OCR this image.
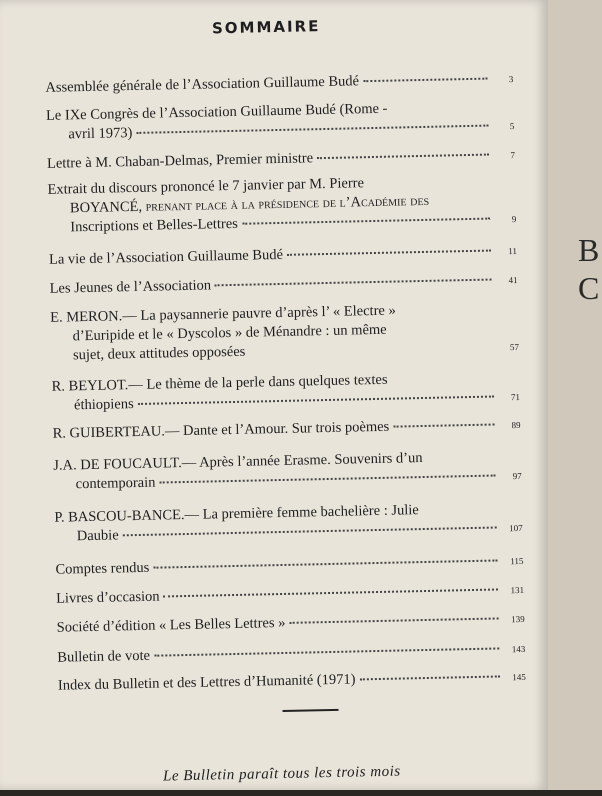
SOMMAIRE
Assemblée générale de l’Association Guillaume Budé	3
Le IXe Congrès de l’Association Guillaume Budé (Rome -
avril 1973)	5
Lettre à M. Chaban-Delmas, Premier ministre	7
Extrait du discours prononcé le 7 janvier par M. Pierre
BOYANCÉ, prenant place à la présidence de l’Académie des
Inscriptions et Belles-Lettres	9
La vie de l’Association Guillaume Budé	11
Les Jeunes de l’Association	41
E. MERON. — La paysannerie pauvre d’après l’ « Electre »
d’Euripide et le « Dyscolos » de Ménandre : un même
sujet, deux attitudes opposées	57
R. BEYLOT. — Le thème de la perle dans quelques textes
éthiopiens	71
R. GUIBERTEAU. — Dante et l’Amour. Sur trois poèmes	89
J.A. DE FOUCAULT. — Après l’année Erasme. Souvenirs d’un
contemporain	97
P. BASCOU-BANCE. — La première femme bachelière : Julie
Daubie	107
Comptes rendus	115
Livres d’occasion	131
Société d’édition « Les Belles Lettres »	139
Bulletin de vote	143
Index du Bulletin et des Lettres d’Humanité (1971)	145
Le Bulletin paraît tous les trois mois
B
C
